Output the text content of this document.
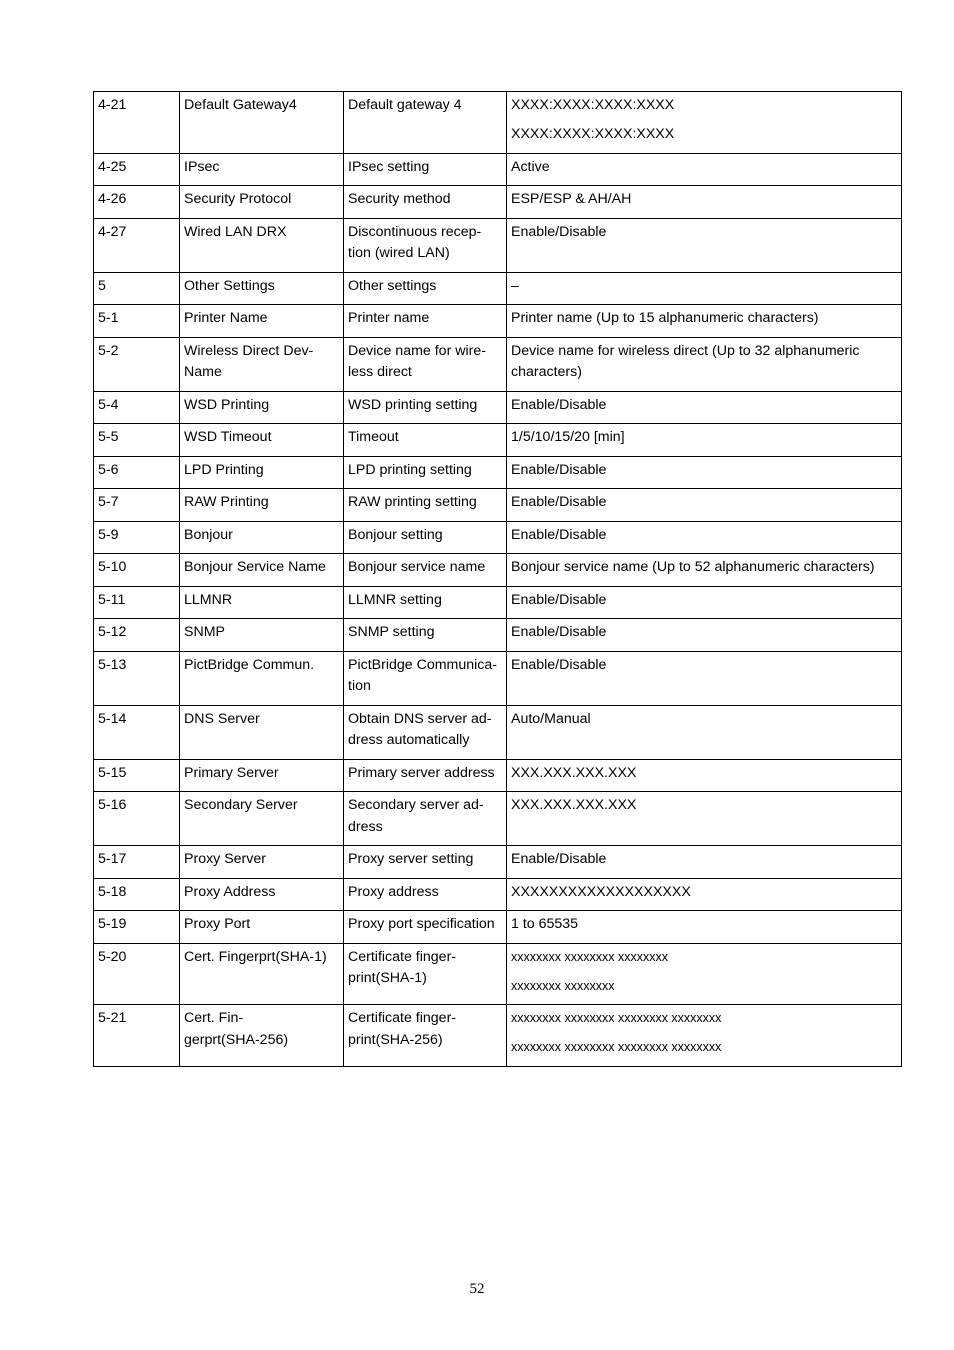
4-21	Default Gateway4	Default gateway 4	XXXX:XXXX:XXXX:XXXX
XXXX:XXXX:XXXX:XXXX

4-25	IPsec	IPsec setting	Active

4-26	Security Protocol	Security method	ESP/ESP & AH/AH

4-27	Wired LAN DRX	Discontinuous recep-
tion (wired LAN)	Enable/Disable

5	Other Settings	Other settings	–

5-1	Printer Name	Printer name	Printer name (Up to 15 alphanumeric characters)

5-2	Wireless Direct Dev-
Name	Device name for wire-
less direct	Device name for wireless direct (Up to 32 alphanumeric
characters)

5-4	WSD Printing	WSD printing setting	Enable/Disable

5-5	WSD Timeout	Timeout	1/5/10/15/20 [min]

5-6	LPD Printing	LPD printing setting	Enable/Disable

5-7	RAW Printing	RAW printing setting	Enable/Disable

5-9	Bonjour	Bonjour setting	Enable/Disable

5-10	Bonjour Service Name	Bonjour service name	Bonjour service name (Up to 52 alphanumeric characters)

5-11	LLMNR	LLMNR setting	Enable/Disable

5-12	SNMP	SNMP setting	Enable/Disable

5-13	PictBridge Commun.	PictBridge Communica-
tion	Enable/Disable

5-14	DNS Server	Obtain DNS server ad-
dress automatically	Auto/Manual

5-15	Primary Server	Primary server address	XXX.XXX.XXX.XXX

5-16	Secondary Server	Secondary server ad-
dress	XXX.XXX.XXX.XXX

5-17	Proxy Server	Proxy server setting	Enable/Disable

5-18	Proxy Address	Proxy address	XXXXXXXXXXXXXXXXXXX

5-19	Proxy Port	Proxy port specification	1 to 65535

5-20	Cert. Fingerprt(SHA-1)	Certificate finger-
print(SHA-1)	xxxxxxxx xxxxxxxx xxxxxxxx
xxxxxxxx xxxxxxxx

5-21	Cert. Fin-
gerprt(SHA-256)	Certificate finger-
print(SHA-256)	xxxxxxxx xxxxxxxx xxxxxxxx xxxxxxxx
xxxxxxxx xxxxxxxx xxxxxxxx xxxxxxxx
52
